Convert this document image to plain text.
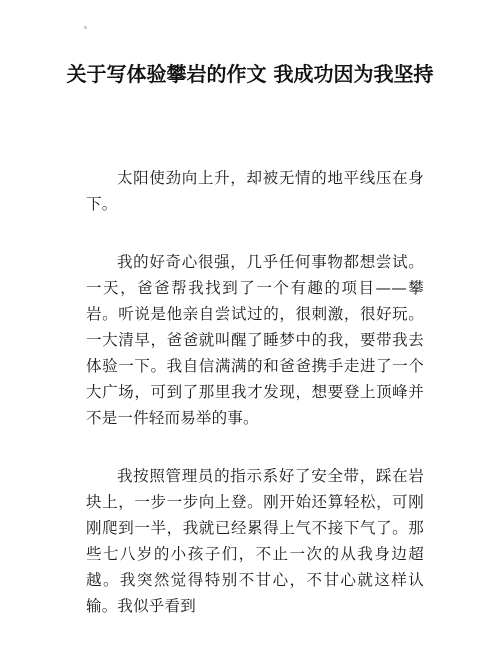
关于写体验攀岩的作文 我成功因为我坚持

太阳使劲向上升，却被无情的地平线压在身下。

我的好奇心很强，几乎任何事物都想尝试。一天，爸爸帮我找到了一个有趣的项目——攀岩。听说是他亲自尝试过的，很刺激，很好玩。一大清早，爸爸就叫醒了睡梦中的我，要带我去体验一下。我自信满满的和爸爸携手走进了一个大广场，可到了那里我才发现，想要登上顶峰并不是一件轻而易举的事。

我按照管理员的指示系好了安全带，踩在岩块上，一步一步向上登。刚开始还算轻松，可刚刚爬到一半，我就已经累得上气不接下气了。那些七八岁的小孩子们，不止一次的从我身边超越。我突然觉得特别不甘心，不甘心就这样认输。我似乎看到
